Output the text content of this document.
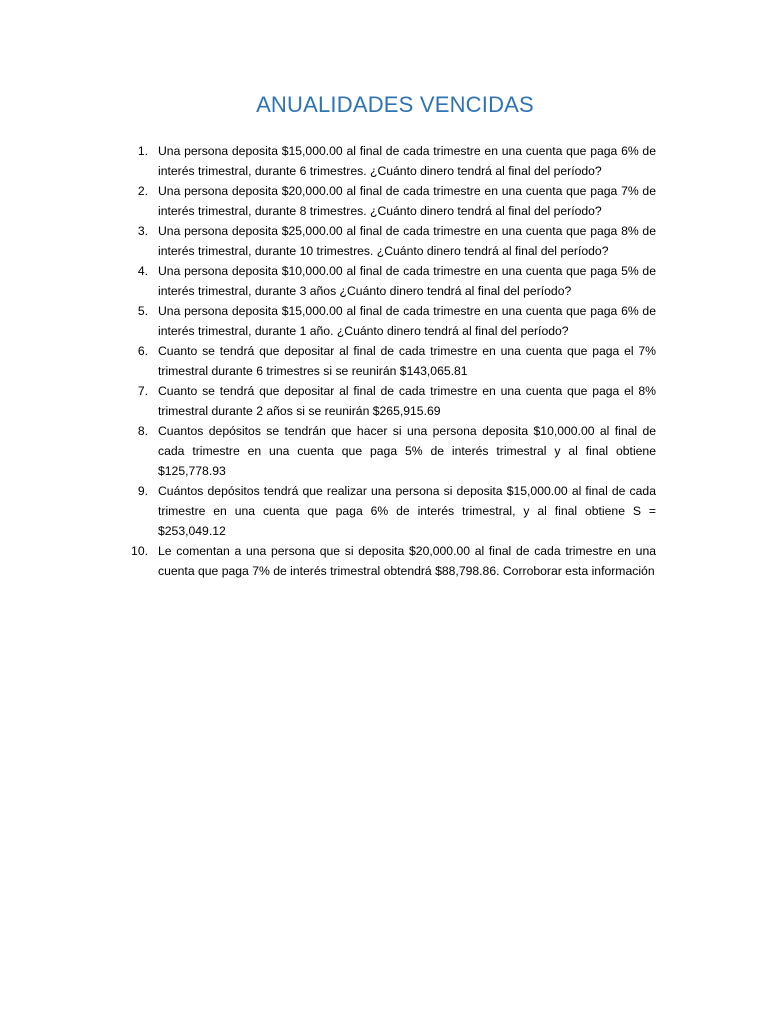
ANUALIDADES VENCIDAS
1. Una persona deposita $15,000.00 al final de cada trimestre en una cuenta que paga 6% de interés trimestral, durante 6 trimestres. ¿Cuánto dinero tendrá al final del período?
2. Una persona deposita $20,000.00 al final de cada trimestre en una cuenta que paga 7% de interés trimestral, durante 8 trimestres. ¿Cuánto dinero tendrá al final del período?
3. Una persona deposita $25,000.00 al final de cada trimestre en una cuenta que paga 8% de interés trimestral, durante 10 trimestres. ¿Cuánto dinero tendrá al final del período?
4. Una persona deposita $10,000.00 al final de cada trimestre en una cuenta que paga 5% de interés trimestral, durante 3 años ¿Cuánto dinero tendrá al final del período?
5. Una persona deposita $15,000.00 al final de cada trimestre en una cuenta que paga 6% de interés trimestral, durante 1 año. ¿Cuánto dinero tendrá al final del período?
6. Cuanto se tendrá que depositar al final de cada trimestre en una cuenta que paga el 7% trimestral durante 6 trimestres si se reunirán $143,065.81
7. Cuanto se tendrá que depositar al final de cada trimestre en una cuenta que paga el 8% trimestral durante 2 años si se reunirán $265,915.69
8. Cuantos depósitos se tendrán que hacer si una persona deposita $10,000.00 al final de cada trimestre en una cuenta que paga 5% de interés trimestral y al final obtiene $125,778.93
9. Cuántos depósitos tendrá que realizar una persona si deposita $15,000.00 al final de cada trimestre en una cuenta que paga 6% de interés trimestral, y al final obtiene S = $253,049.12
10. Le comentan a una persona que si deposita $20,000.00 al final de cada trimestre en una cuenta que paga 7% de interés trimestral obtendrá $88,798.86. Corroborar esta información
